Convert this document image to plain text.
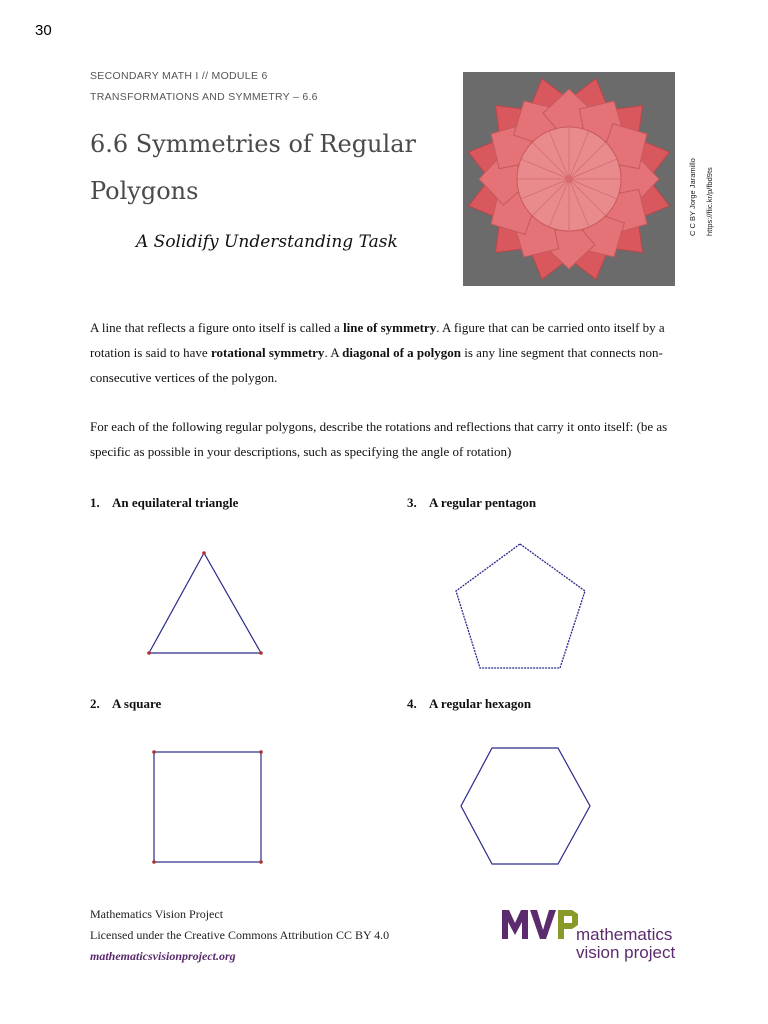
30
SECONDARY MATH I // MODULE 6
TRANSFORMATIONS AND SYMMETRY – 6.6
6.6 Symmetries of Regular
Polygons
A Solidify Understanding Task
C C BY Jorge Jaramillo https://flic.kr/p/fbd9ts
A line that reflects a figure onto itself is called a line of symmetry. A figure that can be carried onto itself by a rotation is said to have rotational symmetry. A diagonal of a polygon is any line segment that connects non-consecutive vertices of the polygon.
For each of the following regular polygons, describe the rotations and reflections that carry it onto itself: (be as specific as possible in your descriptions, such as specifying the angle of rotation)
1. An equilateral triangle
2. A square
3. A regular pentagon
4. A regular hexagon
Mathematics Vision Project
Licensed under the Creative Commons Attribution CC BY 4.0
mathematicsvisionproject.org
mathematics
vision project
